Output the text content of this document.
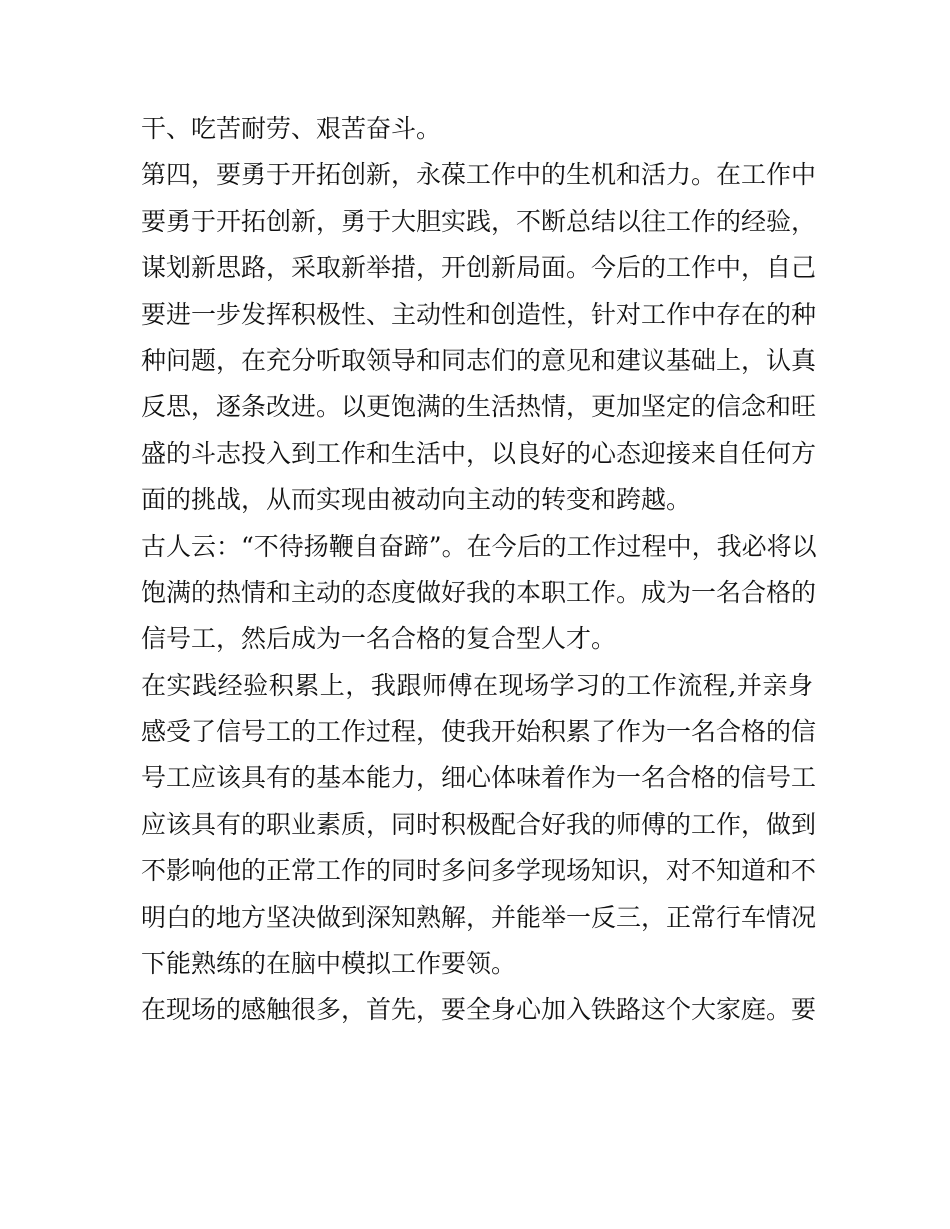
干、吃苦耐劳、艰苦奋斗。
第四，要勇于开拓创新，永葆工作中的生机和活力。在工作中
要勇于开拓创新，勇于大胆实践，不断总结以往工作的经验，
谋划新思路，采取新举措，开创新局面。今后的工作中，自己
要进一步发挥积极性、主动性和创造性，针对工作中存在的种
种问题，在充分听取领导和同志们的意见和建议基础上，认真
反思，逐条改进。以更饱满的生活热情，更加坚定的信念和旺
盛的斗志投入到工作和生活中，以良好的心态迎接来自任何方
面的挑战，从而实现由被动向主动的转变和跨越。
古人云：“不待扬鞭自奋蹄”。在今后的工作过程中，我必将以
饱满的热情和主动的态度做好我的本职工作。成为一名合格的
信号工，然后成为一名合格的复合型人才。
在实践经验积累上，我跟师傅在现场学习的工作流程,并亲身
感受了信号工的工作过程，使我开始积累了作为一名合格的信
号工应该具有的基本能力，细心体味着作为一名合格的信号工
应该具有的职业素质，同时积极配合好我的师傅的工作，做到
不影响他的正常工作的同时多问多学现场知识，对不知道和不
明白的地方坚决做到深知熟解，并能举一反三，正常行车情况
下能熟练的在脑中模拟工作要领。
在现场的感触很多，首先，要全身心加入铁路这个大家庭。要
